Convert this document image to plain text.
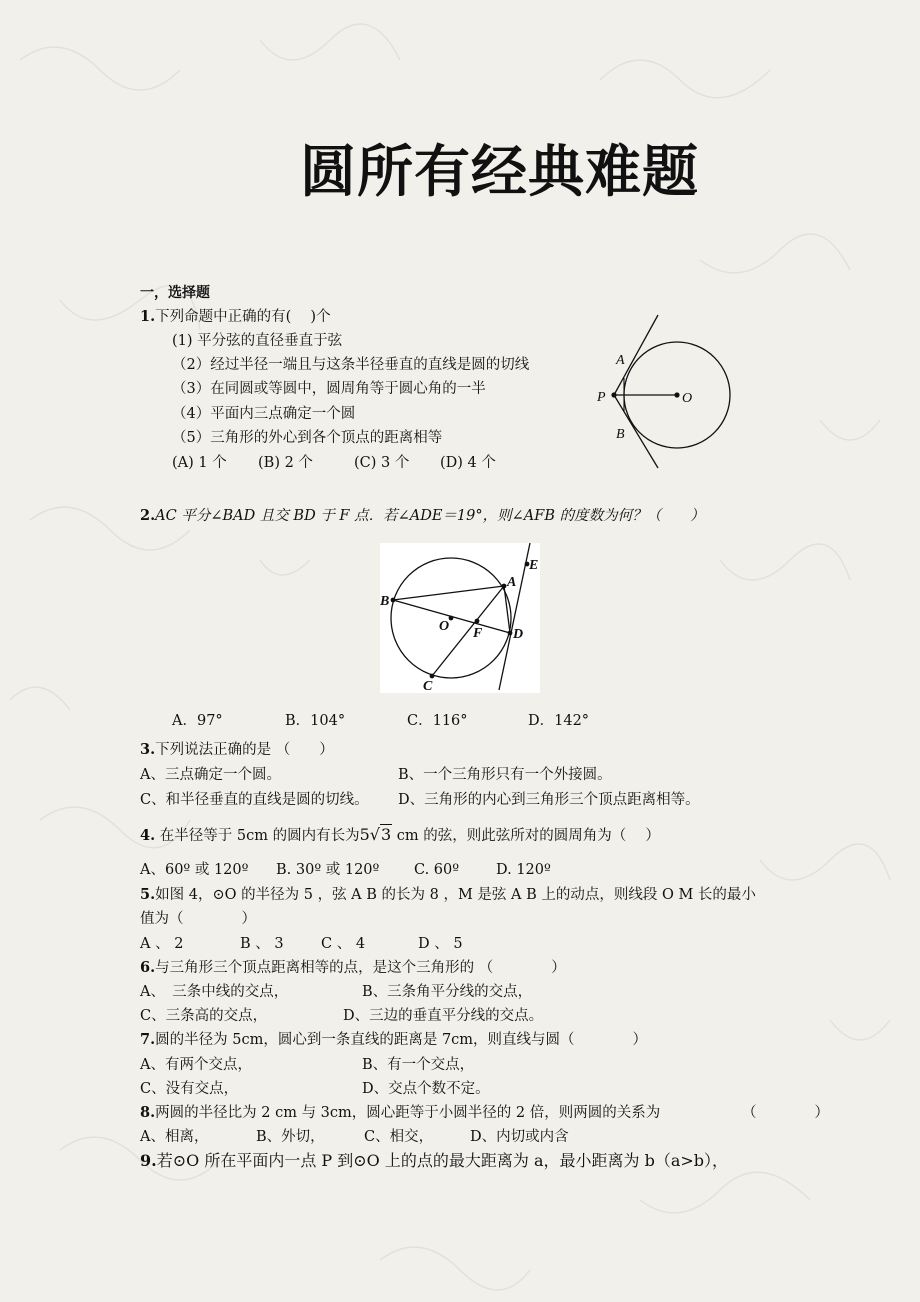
圆所有经典难题
一，选择题
1.下列命题中正确的有(　 )个
(1) 平分弦的直径垂直于弦
（2）经过半径一端且与这条半径垂直的直线是圆的切线
（3）在同圆或等圆中，圆周角等于圆心角的一半
（4）平面内三点确定一个圆
（5）三角形的外心到各个顶点的距离相等
(A) 1 个 (B) 2 个	(C) 3 个 (D) 4 个
A
B
P	O
2.AC 平分∠BAD 且交 BD 于 F 点．若∠ADE＝19°，则∠AFB 的度数为何？（　　）
B
A
E
D
C
O F
A．97°	B．104°	C．116°	D．142°
3.下列说法正确的是 （　　）
A、三点确定一个圆。	B、一个三角形只有一个外接圆。
C、和半径垂直的直线是圆的切线。 D、三角形的内心到三角形三个顶点距离相等。
4. 在半径等于 5cm 的圆内有长为5√3 cm 的弦，则此弦所对的圆周角为（　 ）
A、60º 或 120º B. 30º 或 120º C. 60º	D. 120º
5.如图 4，⊙O 的半径为 5 ，弦 A B 的长为 8 ，M 是弦 A B 上的动点，则线段 O M 长的最小
值为（　　　　）
A 、 2	B 、 3	C 、 4	D 、 5
6.与三角形三个顶点距离相等的点，是这个三角形的 （　　　　）
A、　三条中线的交点，	B、三条角平分线的交点，
C、三条高的交点，	D、三边的垂直平分线的交点。
7.圆的半径为 5cm，圆心到一条直线的距离是 7cm，则直线与圆（　　　　）
A、有两个交点，	B、有一个交点，
C、没有交点，	D、交点个数不定。
8.两圆的半径比为 2 cm 与 3cm，圆心距等于小圆半径的 2 倍，则两圆的关系为	（　　　　）
A、相离，	B、外切，	C、相交，	D、内切或内含
9.若⊙O 所在平面内一点 P 到⊙O 上的点的最大距离为 a，最小距离为 b（a>b），
